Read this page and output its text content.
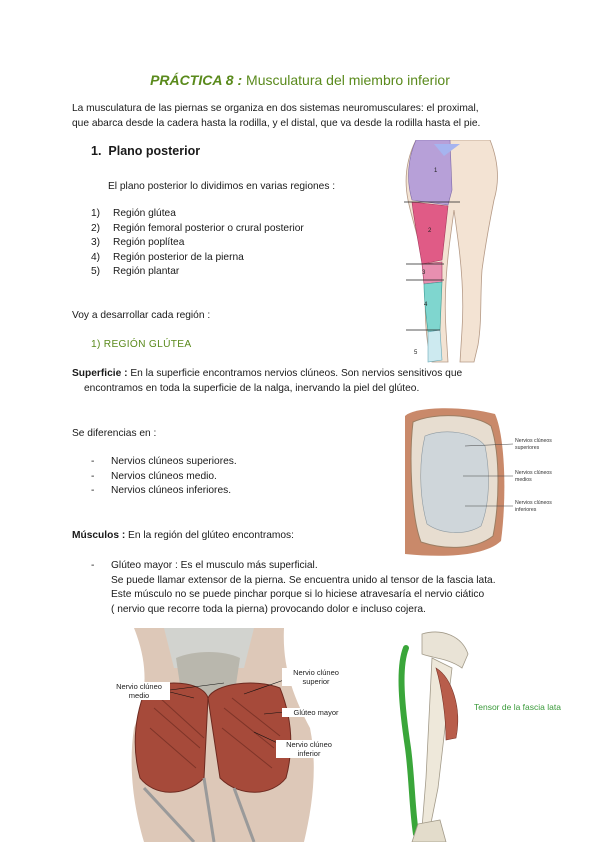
PRÁCTICA 8 : Musculatura del miembro inferior
La musculatura de las piernas se organiza en dos sistemas neuromusculares: el proximal,
que abarca desde la cadera hasta la rodilla, y el distal, que va desde la rodilla hasta el pie.
1. Plano posterior
El plano posterior lo dividimos en varias regiones :
1)	Región glútea
2)	Región femoral posterior o crural posterior
3)	Región poplítea
4)	Región posterior de la pierna
5)	Región plantar
Voy a desarrollar cada región :
1) REGIÓN GLÚTEA
1
2
3
4
5
Superficie : En la superficie encontramos nervios clúneos. Son nervios sensitivos que
encontramos en toda la superficie de la nalga, inervando la piel del glúteo.
Se diferencias en :
-	Nervios clúneos superiores.
-	Nervios clúneos medio.
-	Nervios clúneos inferiores.
Nervios clúneos superiores
Nervios clúneos medios
Nervios clúneos inferiores
Músculos : En la región del glúteo encontramos:
-	Glúteo mayor : Es el musculo más superficial.
Se puede llamar extensor de la pierna. Se encuentra unido al tensor de la fascia lata.
Este músculo no se puede pinchar porque si lo hiciese atravesaría el nervio ciático
( nervio que recorre toda la pierna) provocando dolor e incluso cojera.
Nervio clúneo
medio
Nervio clúneo
superior
Glúteo mayor
Nervio clúneo
inferior
Tensor de la fascia lata
